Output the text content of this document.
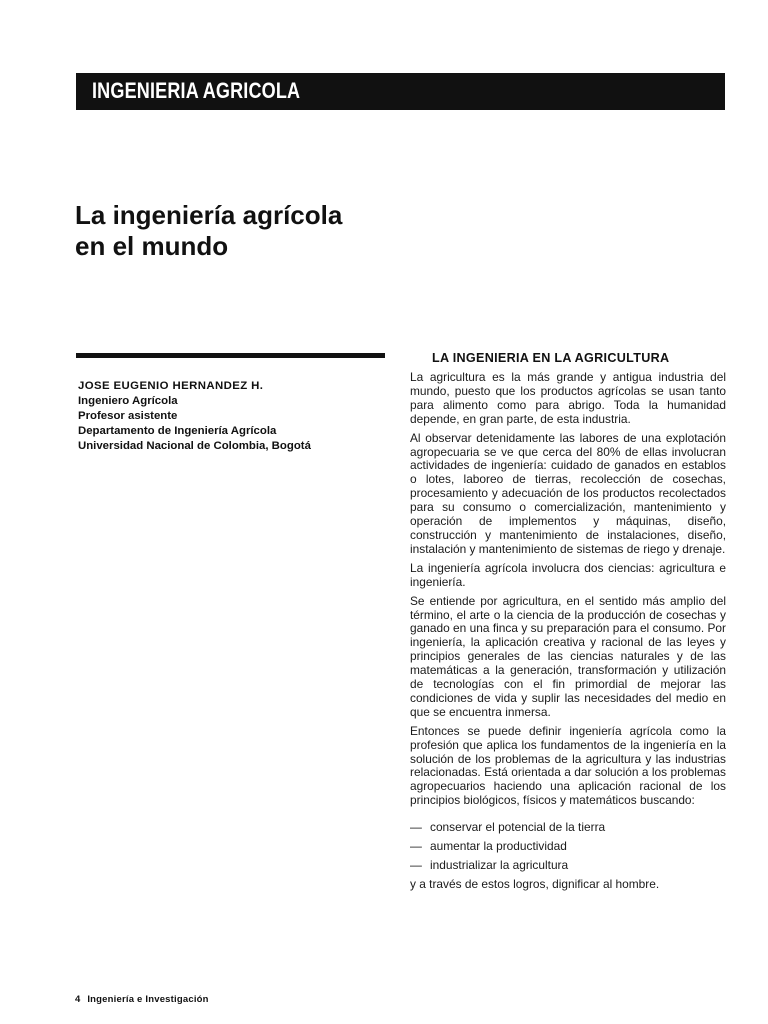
INGENIERIA AGRICOLA
La ingeniería agrícola
en el mundo
JOSE EUGENIO HERNANDEZ H.
Ingeniero Agrícola
Profesor asistente
Departamento de Ingeniería Agrícola
Universidad Nacional de Colombia, Bogotá
LA INGENIERIA EN LA AGRICULTURA

La agricultura es la más grande y antigua industria del mundo, puesto que los productos agrícolas se usan tanto para alimento como para abrigo. Toda la humanidad depende, en gran parte, de esta industria.

Al observar detenidamente las labores de una explotación agropecuaria se ve que cerca del 80% de ellas involucran actividades de ingeniería: cuidado de ganados en establos o lotes, laboreo de tierras, recolección de cosechas, procesamiento y adecuación de los productos recolectados para su consumo o comercialización, mantenimiento y operación de implementos y máquinas, diseño, construcción y mantenimiento de instalaciones, diseño, instalación y mantenimiento de sistemas de riego y drenaje.

La ingeniería agrícola involucra dos ciencias: agricultura e ingeniería.

Se entiende por agricultura, en el sentido más amplio del término, el arte o la ciencia de la producción de cosechas y ganado en una finca y su preparación para el consumo. Por ingeniería, la aplicación creativa y racional de las leyes y principios generales de las ciencias naturales y de las matemáticas a la generación, transformación y utilización de tecnologías con el fin primordial de mejorar las condiciones de vida y suplir las necesidades del medio en que se encuentra inmersa.

Entonces se puede definir ingeniería agrícola como la profesión que aplica los fundamentos de la ingeniería en la solución de los problemas de la agricultura y las industrias relacionadas. Está orientada a dar solución a los problemas agropecuarios haciendo una aplicación racional de los principios biológicos, físicos y matemáticos buscando:

— conservar el potencial de la tierra
— aumentar la productividad
— industrializar la agricultura

y a través de estos logros, dignificar al hombre.

4 Ingeniería e Investigación
